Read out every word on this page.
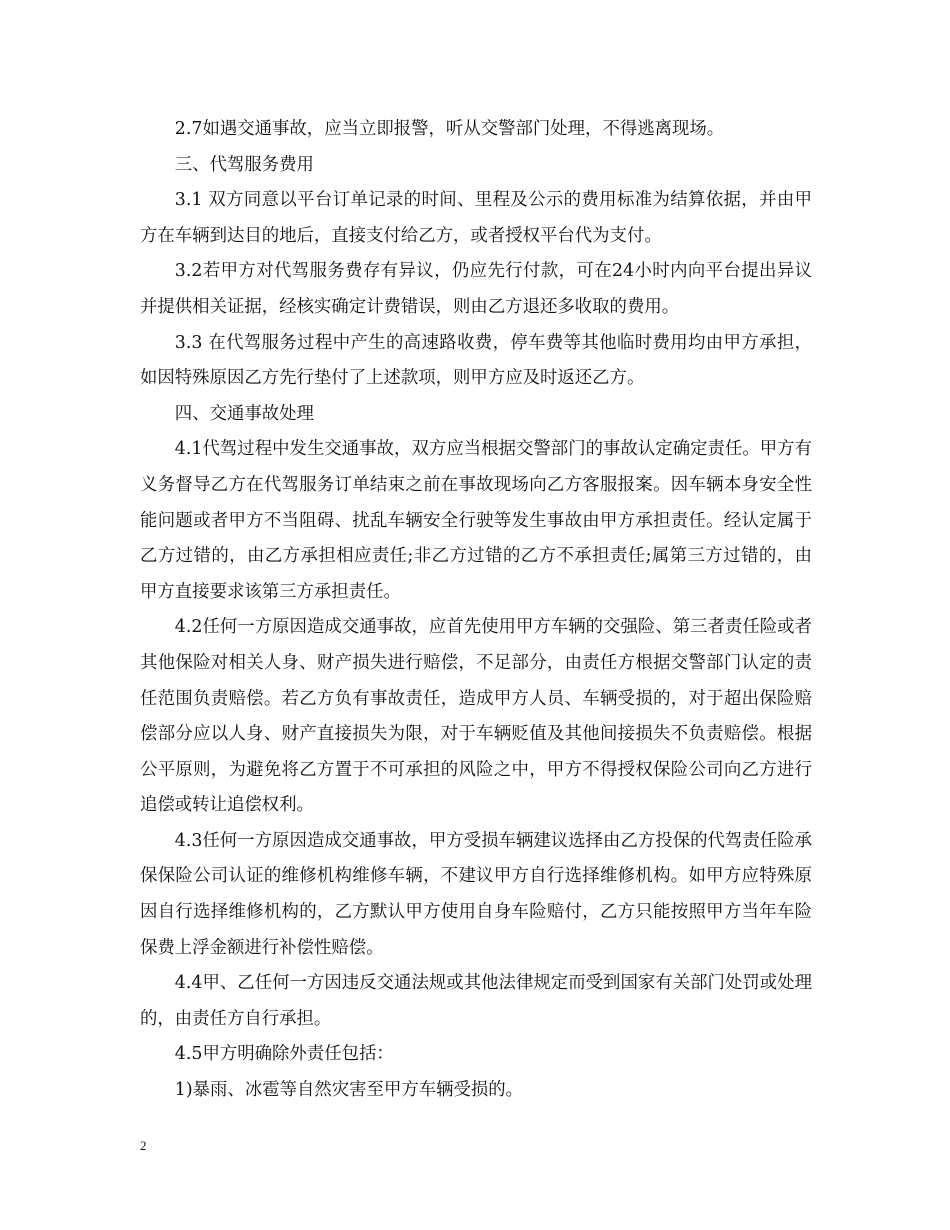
2.7如遇交通事故，应当立即报警，听从交警部门处理，不得逃离现场。

三、代驾服务费用

3.1 双方同意以平台订单记录的时间、里程及公示的费用标准为结算依据，并由甲方在车辆到达目的地后，直接支付给乙方，或者授权平台代为支付。

3.2若甲方对代驾服务费存有异议，仍应先行付款，可在24小时内向平台提出异议并提供相关证据，经核实确定计费错误，则由乙方退还多收取的费用。

3.3 在代驾服务过程中产生的高速路收费，停车费等其他临时费用均由甲方承担，如因特殊原因乙方先行垫付了上述款项，则甲方应及时返还乙方。

四、交通事故处理

4.1代驾过程中发生交通事故，双方应当根据交警部门的事故认定确定责任。甲方有义务督导乙方在代驾服务订单结束之前在事故现场向乙方客服报案。因车辆本身安全性能问题或者甲方不当阻碍、扰乱车辆安全行驶等发生事故由甲方承担责任。经认定属于乙方过错的，由乙方承担相应责任;非乙方过错的乙方不承担责任;属第三方过错的，由甲方直接要求该第三方承担责任。

4.2任何一方原因造成交通事故，应首先使用甲方车辆的交强险、第三者责任险或者其他保险对相关人身、财产损失进行赔偿，不足部分，由责任方根据交警部门认定的责任范围负责赔偿。若乙方负有事故责任，造成甲方人员、车辆受损的，对于超出保险赔偿部分应以人身、财产直接损失为限，对于车辆贬值及其他间接损失不负责赔偿。根据公平原则，为避免将乙方置于不可承担的风险之中，甲方不得授权保险公司向乙方进行追偿或转让追偿权利。

4.3任何一方原因造成交通事故，甲方受损车辆建议选择由乙方投保的代驾责任险承保保险公司认证的维修机构维修车辆，不建议甲方自行选择维修机构。如甲方应特殊原因自行选择维修机构的，乙方默认甲方使用自身车险赔付，乙方只能按照甲方当年车险保费上浮金额进行补偿性赔偿。

4.4甲、乙任何一方因违反交通法规或其他法律规定而受到国家有关部门处罚或处理的，由责任方自行承担。

4.5甲方明确除外责任包括：

1)暴雨、冰雹等自然灾害至甲方车辆受损的。

2
